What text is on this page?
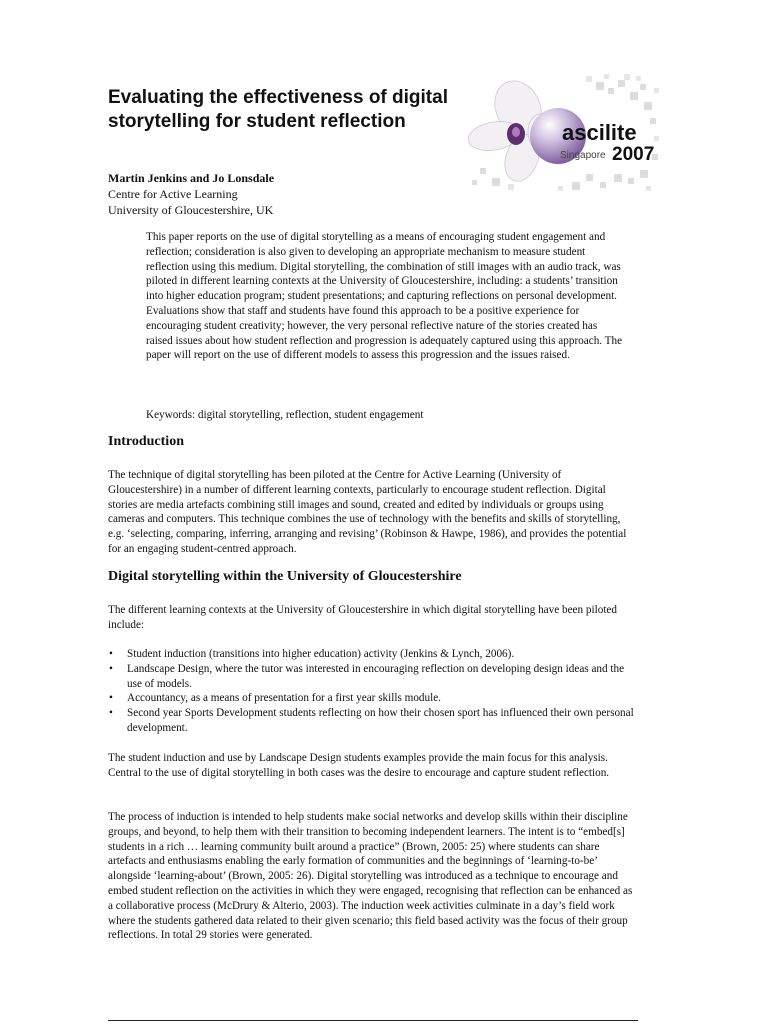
Evaluating the effectiveness of digital storytelling for student reflection	ascilite
Singapore 2007
Martin Jenkins and Jo Lonsdale
Centre for Active Learning
University of Gloucestershire, UK

This paper reports on the use of digital storytelling as a means of encouraging student engagement and reflection; consideration is also given to developing an appropriate mechanism to measure student reflection using this medium. Digital storytelling, the combination of still images with an audio track, was piloted in different learning contexts at the University of Gloucestershire, including: a students’ transition into higher education program; student presentations; and capturing reflections on personal development. Evaluations show that staff and students have found this approach to be a positive experience for encouraging student creativity; however, the very personal reflective nature of the stories created has raised issues about how student reflection and progression is adequately captured using this approach. The paper will report on the use of different models to assess this progression and the issues raised.

Keywords: digital storytelling, reflection, student engagement

Introduction

The technique of digital storytelling has been piloted at the Centre for Active Learning (University of Gloucestershire) in a number of different learning contexts, particularly to encourage student reflection. Digital stories are media artefacts combining still images and sound, created and edited by individuals or groups using cameras and computers. This technique combines the use of technology with the benefits and skills of storytelling, e.g. ‘selecting, comparing, inferring, arranging and revising’ (Robinson & Hawpe, 1986), and provides the potential for an engaging student-centred approach.

Digital storytelling within the University of Gloucestershire

The different learning contexts at the University of Gloucestershire in which digital storytelling have been piloted include:

• Student induction (transitions into higher education) activity (Jenkins & Lynch, 2006).
• Landscape Design, where the tutor was interested in encouraging reflection on developing design ideas and the use of models.
• Accountancy, as a means of presentation for a first year skills module.
• Second year Sports Development students reflecting on how their chosen sport has influenced their own personal development.

The student induction and use by Landscape Design students examples provide the main focus for this analysis. Central to the use of digital storytelling in both cases was the desire to encourage and capture student reflection.

The process of induction is intended to help students make social networks and develop skills within their discipline groups, and beyond, to help them with their transition to becoming independent learners. The intent is to “embed[s] students in a rich … learning community built around a practice” (Brown, 2005: 25) where students can share artefacts and enthusiasms enabling the early formation of communities and the beginnings of ‘learning-to-be’ alongside ‘learning-about’ (Brown, 2005: 26). Digital storytelling was introduced as a technique to encourage and embed student reflection on the activities in which they were engaged, recognising that reflection can be enhanced as a collaborative process (McDrury & Alterio, 2003). The induction week activities culminate in a day’s field work where the students gathered data related to their given scenario; this field based activity was the focus of their group reflections. In total 29 stories were generated.
